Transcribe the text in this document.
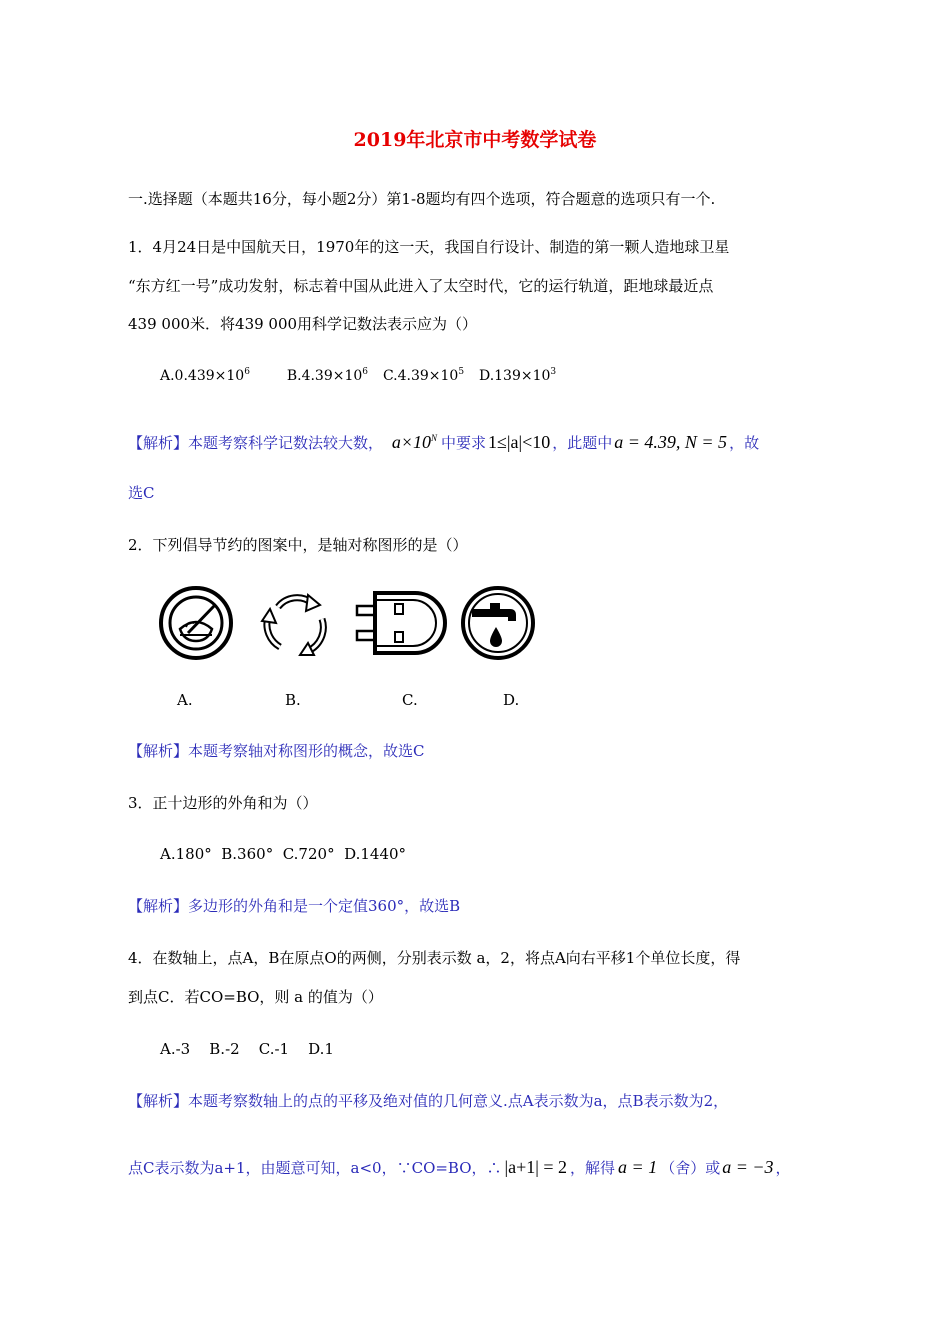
2019年北京市中考数学试卷
一.选择题（本题共16分，每小题2分）第1-8题均有四个选项，符合题意的选项只有一个.
1．4月24日是中国航天日，1970年的这一天，我国自行设计、制造的第一颗人造地球卫星
“东方红一号”成功发射，标志着中国从此进入了太空时代，它的运行轨道，距地球最近点
439 000米．将439 000用科学记数法表示应为（）
$A.0.439\times 10^6$	$B.4.39\times 10^6$ $C.4.39\times 10^5$ $D.139\times 10^3$
【解析】本题考察科学记数法较大数， $a\times 10^N$ 中要求 1≤|a|<10 ，此题中 a = 4.39, N = 5 ，故
选C
2．下列倡导节约的图案中，是轴对称图形的是（）
A.	B.	C.	D.
【解析】本题考察轴对称图形的概念，故选C
3．正十边形的外角和为（）
A.180°  B.360°  C.720°  D.1440°
【解析】多边形的外角和是一个定值360°，故选B
4．在数轴上，点A，B在原点O的两侧，分别表示数 a，2，将点A向右平移1个单位长度，得
到点C．若CO=BO，则 a 的值为（）
A.-3    B.-2    C.-1    D.1
【解析】本题考察数轴上的点的平移及绝对值的几何意义.点A表示数为a，点B表示数为2，
点C表示数为a+1，由题意可知，a<0，∵CO=BO，∴ |a+1| = 2 ，解得 a = 1 （舍）或 a = −3 ，
